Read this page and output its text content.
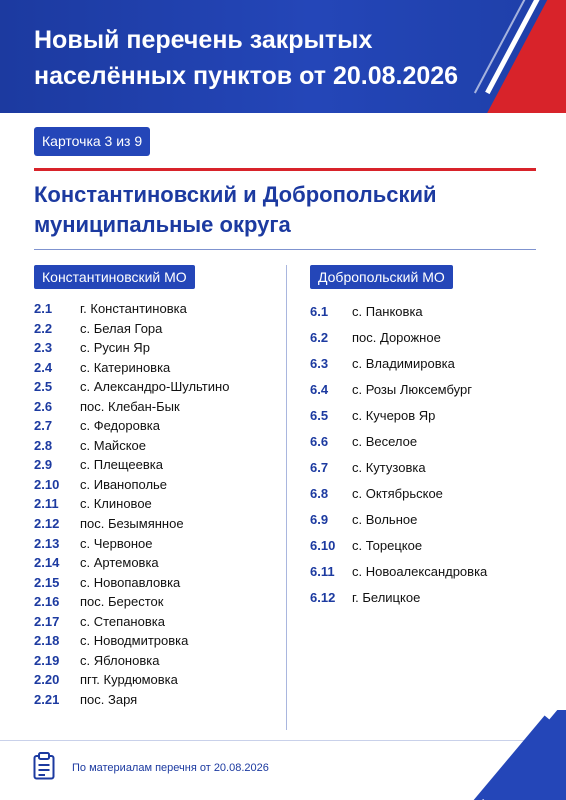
Новый перечень закрытых населённых пунктов от 20.08.2026
Карточка 3 из 9
Константиновский и Добропольский муниципальные округа
Константиновский МО	Добропольский МО
2.1 г. Константиновка
2.2 с. Белая Гора
2.3 с. Русин Яр
2.4 с. Катериновка
2.5 с. Александро-Шультино
2.6 пос. Клебан-Бык
2.7 с. Федоровка
2.8 с. Майское
2.9 с. Плещеевка
2.10 с. Иванополье
2.11 с. Клиновое
2.12 пос. Безымянное
2.13 с. Червоное
2.14 с. Артемовка
2.15 с. Новопавловка
2.16 пос. Бересток
2.17 с. Степановка
2.18 с. Новодмитровка
2.19 с. Яблоновка
2.20 пгт. Курдюмовка
2.21 пос. Заря
6.1 с. Панковка
6.2 пос. Дорожное
6.3 с. Владимировка
6.4 с. Розы Люксембург
6.5 с. Кучеров Яр
6.6 с. Веселое
6.7 с. Кутузовка
6.8 с. Октябрьское
6.9 с. Вольное
6.10 с. Торецкое
6.11 с. Новоалександровка
6.12 г. Белицкое
По материалам перечня от 20.08.2026
